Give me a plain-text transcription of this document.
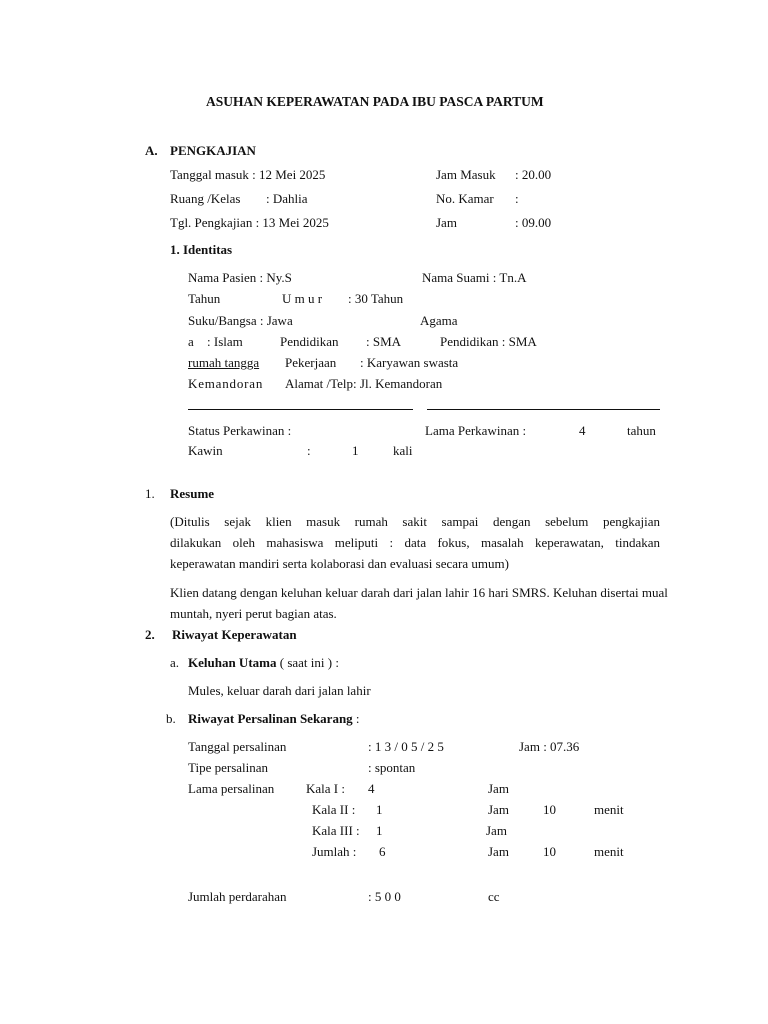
ASUHAN KEPERAWATAN PADA IBU PASCA PARTUM
A. PENGKAJIAN
Tanggal masuk : 12 Mei 2025	Jam Masuk : 20.00
Ruang /Kelas : Dahlia	No. Kamar :
Tgl. Pengkajian : 13 Mei 2025	Jam	: 09.00
1. Identitas
Nama Pasien : Ny.S	Nama Suami : Tn.A
Tahun	U m u r : 30 Tahun
Suku/Bangsa : Jawa	Agama
a : Islam	Pendidikan : SMA	Pendidikan : SMA
rumah tangga Pekerjaan : Karyawan swasta
Kemandoran Alamat /Telp: Jl. Kemandoran
Status Perkawinan :	Lama Perkawinan :	4	tahun
Kawin	:	1	kali
1. Resume
(Ditulis sejak klien masuk rumah sakit sampai dengan sebelum pengkajian
dilakukan oleh mahasiswa meliputi : data fokus, masalah keperawatan, tindakan
keperawatan mandiri serta kolaborasi dan evaluasi secara umum)
Klien datang dengan keluhan keluar darah dari jalan lahir 16 hari SMRS. Keluhan disertai mual
muntah, nyeri perut bagian atas.
2. Riwayat Keperawatan
a. Keluhan Utama ( saat ini ) :
Mules, keluar darah dari jalan lahir
b. Riwayat Persalinan Sekarang :
Tanggal persalinan	: 1 3 / 0 5 / 2 5	Jam : 07.36
Tipe persalinan	: spontan
Lama persalinan Kala I : 4	Jam
Kala II : 1	Jam	10	menit
Kala III : 1	Jam
Jumlah : 6	Jam	10	menit
Jumlah perdarahan	: 5 0 0	cc
